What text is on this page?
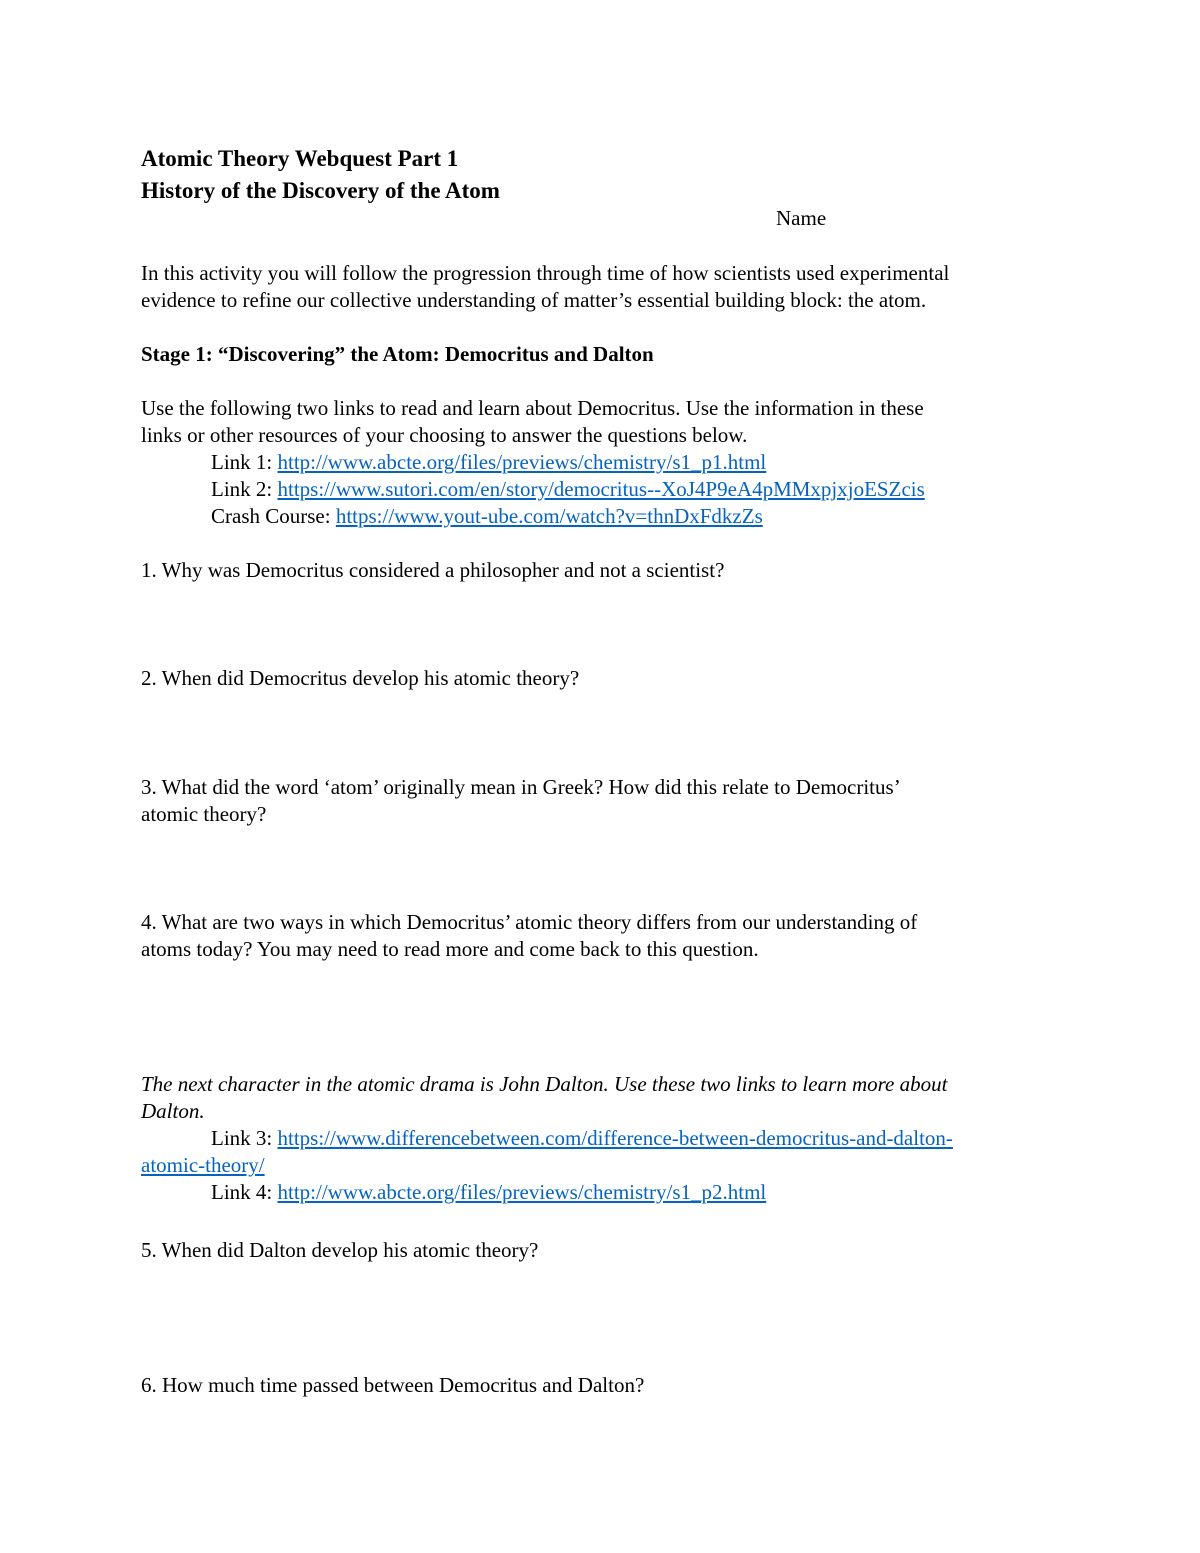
Atomic Theory Webquest Part 1
History of the Discovery of the Atom
Name
In this activity you will follow the progression through time of how scientists used experimental
evidence to refine our collective understanding of matter’s essential building block: the atom.
Stage 1: “Discovering” the Atom: Democritus and Dalton
Use the following two links to read and learn about Democritus. Use the information in these
links or other resources of your choosing to answer the questions below.
Link 1: http://www.abcte.org/files/previews/chemistry/s1_p1.html
Link 2: https://www.sutori.com/en/story/democritus--XoJ4P9eA4pMMxpjxjoESZcis
Crash Course: https://www.yout-ube.com/watch?v=thnDxFdkzZs
1. Why was Democritus considered a philosopher and not a scientist?
2. When did Democritus develop his atomic theory?
3. What did the word ‘atom’ originally mean in Greek? How did this relate to Democritus’
atomic theory?
4. What are two ways in which Democritus’ atomic theory differs from our understanding of
atoms today? You may need to read more and come back to this question.
The next character in the atomic drama is John Dalton. Use these two links to learn more about
Dalton.
Link 3: https://www.differencebetween.com/difference-between-democritus-and-dalton-
atomic-theory/
Link 4: http://www.abcte.org/files/previews/chemistry/s1_p2.html
5. When did Dalton develop his atomic theory?
6. How much time passed between Democritus and Dalton?
